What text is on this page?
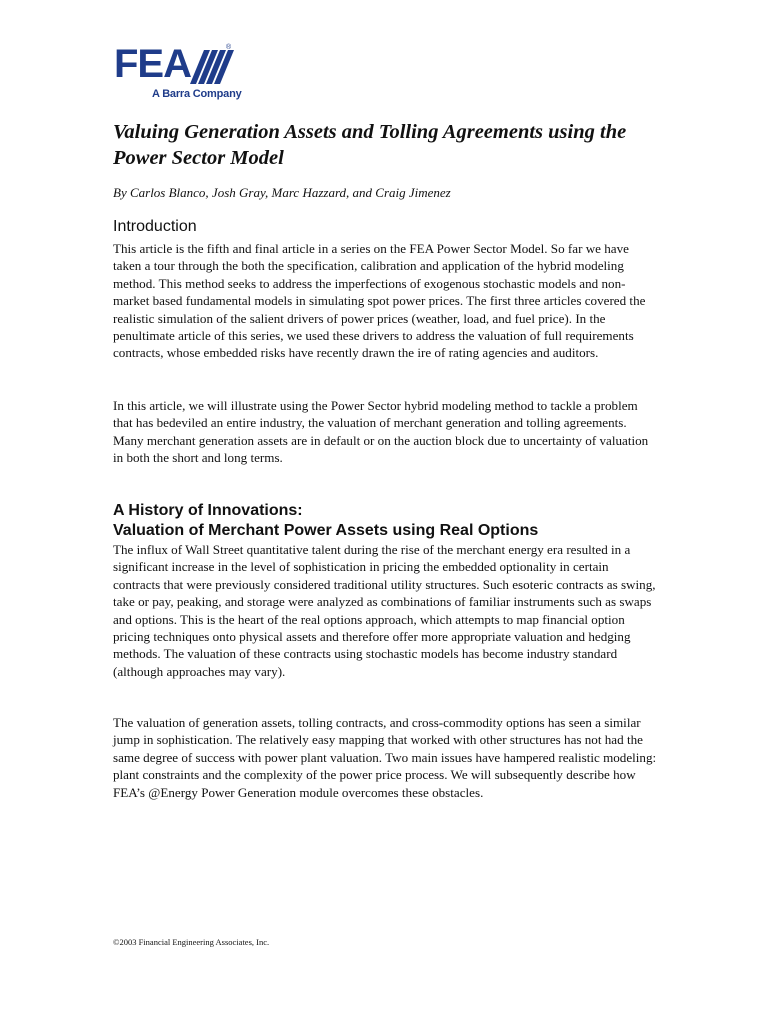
FEA	®
A Barra Company
Valuing Generation Assets and Tolling Agreements using the Power Sector Model

By Carlos Blanco, Josh Gray, Marc Hazzard, and Craig Jimenez

Introduction

This article is the fifth and final article in a series on the FEA Power Sector Model. So far we have taken a tour through the both the specification, calibration and application of the hybrid modeling method. This method seeks to address the imperfections of exogenous stochastic models and non-market based fundamental models in simulating spot power prices. The first three articles covered the realistic simulation of the salient drivers of power prices (weather, load, and fuel price). In the penultimate article of this series, we used these drivers to address the valuation of full requirements contracts, whose embedded risks have recently drawn the ire of rating agencies and auditors.

In this article, we will illustrate using the Power Sector hybrid modeling method to tackle a problem that has bedeviled an entire industry, the valuation of merchant generation and tolling agreements. Many merchant generation assets are in default or on the auction block due to uncertainty of valuation in both the short and long terms.

A History of Innovations:
Valuation of Merchant Power Assets using Real Options

The influx of Wall Street quantitative talent during the rise of the merchant energy era resulted in a significant increase in the level of sophistication in pricing the embedded optionality in certain contracts that were previously considered traditional utility structures. Such esoteric contracts as swing, take or pay, peaking, and storage were analyzed as combinations of familiar instruments such as swaps and options. This is the heart of the real options approach, which attempts to map financial option pricing techniques onto physical assets and therefore offer more appropriate valuation and hedging methods. The valuation of these contracts using stochastic models has become industry standard (although approaches may vary).

The valuation of generation assets, tolling contracts, and cross-commodity options has seen a similar jump in sophistication. The relatively easy mapping that worked with other structures has not had the same degree of success with power plant valuation. Two main issues have hampered realistic modeling: plant constraints and the complexity of the power price process. We will subsequently describe how FEA’s @Energy Power Generation module overcomes these obstacles.

©2003 Financial Engineering Associates, Inc.
